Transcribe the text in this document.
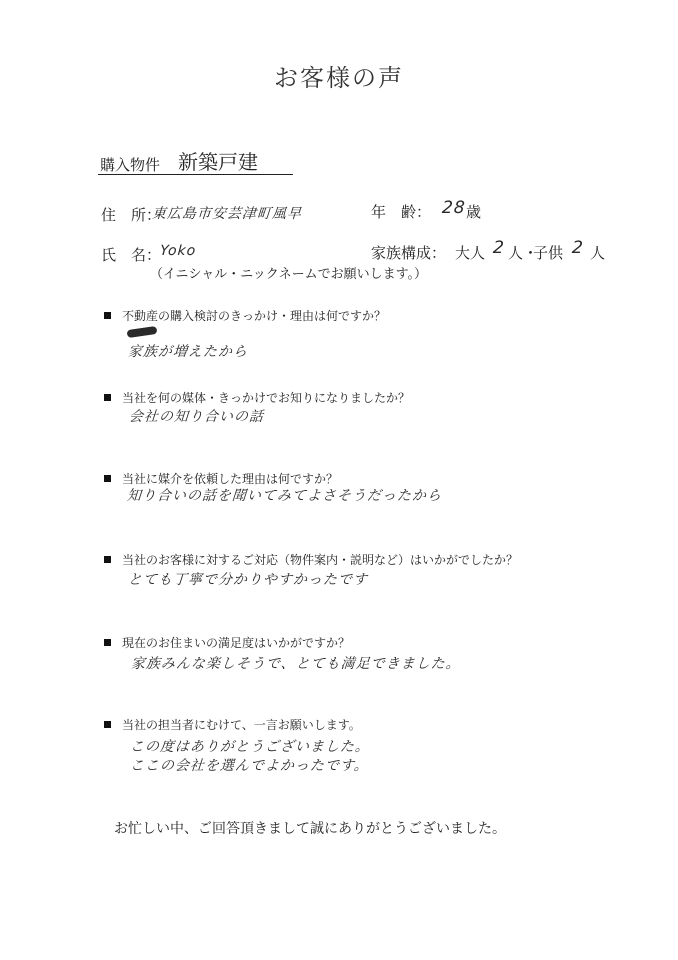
お客様の声
購入物件 新築戸建
住　所：
東広島市安芸津町風早	年　齢： 28 歳
氏　名：
Yoko
（イニシャル・ニックネームでお願いします。）
家族構成： 大人 2 人・
子供 2 人
不動産の購入検討のきっかけ・理由は何ですか？
家族が増えたから
当社を何の媒体・きっかけでお知りになりましたか？
会社の知り合いの話
当社に媒介を依頼した理由は何ですか？
知り合いの話を聞いてみてよさそうだったから
当社のお客様に対するご対応（物件案内・説明など）はいかがでしたか？
とても丁寧で分かりやすかったです
現在のお住まいの満足度はいかがですか？
家族みんな楽しそうで、とても満足できました。
当社の担当者にむけて、一言お願いします。
この度はありがとうございました。
ここの会社を選んでよかったです。
お忙しい中、ご回答頂きまして誠にありがとうございました。
